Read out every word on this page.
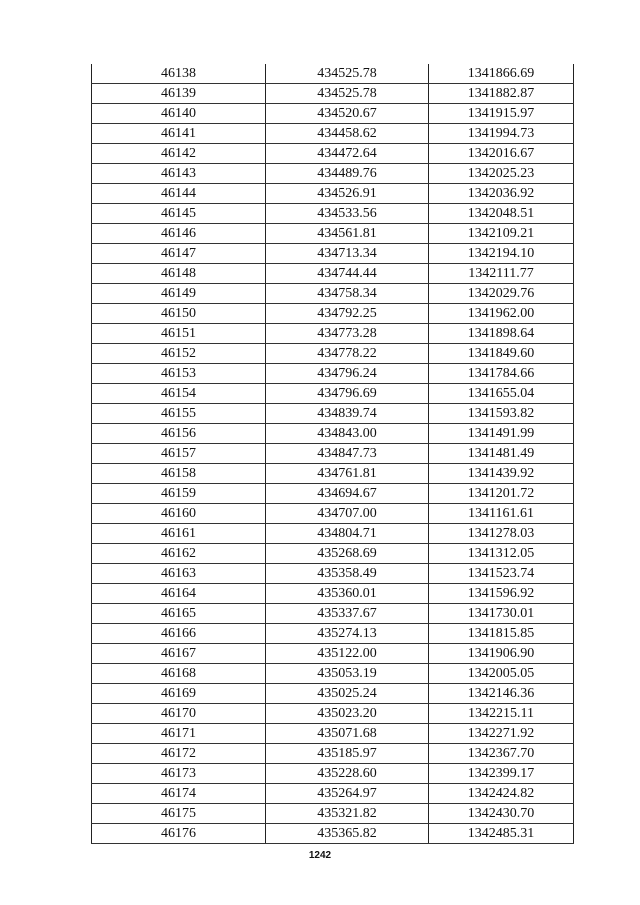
46138	434525.78	1341866.69
46139	434525.78	1341882.87
46140	434520.67	1341915.97
46141	434458.62	1341994.73
46142	434472.64	1342016.67
46143	434489.76	1342025.23
46144	434526.91	1342036.92
46145	434533.56	1342048.51
46146	434561.81	1342109.21
46147	434713.34	1342194.10
46148	434744.44	1342111.77
46149	434758.34	1342029.76
46150	434792.25	1341962.00
46151	434773.28	1341898.64
46152	434778.22	1341849.60
46153	434796.24	1341784.66
46154	434796.69	1341655.04
46155	434839.74	1341593.82
46156	434843.00	1341491.99
46157	434847.73	1341481.49
46158	434761.81	1341439.92
46159	434694.67	1341201.72
46160	434707.00	1341161.61
46161	434804.71	1341278.03
46162	435268.69	1341312.05
46163	435358.49	1341523.74
46164	435360.01	1341596.92
46165	435337.67	1341730.01
46166	435274.13	1341815.85
46167	435122.00	1341906.90
46168	435053.19	1342005.05
46169	435025.24	1342146.36
46170	435023.20	1342215.11
46171	435071.68	1342271.92
46172	435185.97	1342367.70
46173	435228.60	1342399.17
46174	435264.97	1342424.82
46175	435321.82	1342430.70
46176	435365.82	1342485.31
1242
